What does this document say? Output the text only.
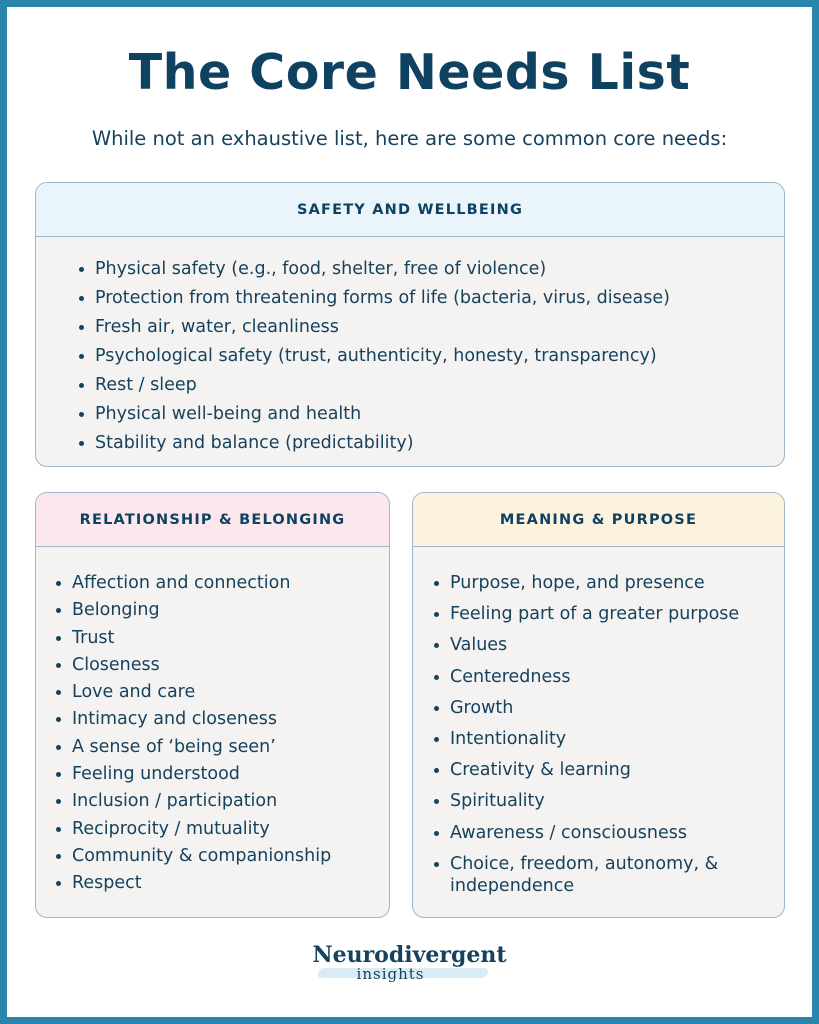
The Core Needs List

While not an exhaustive list, here are some common core needs:

SAFETY AND WELLBEING
Physical safety (e.g., food, shelter, free of violence)
Protection from threatening forms of life (bacteria, virus, disease)
Fresh air, water, cleanliness
Psychological safety (trust, authenticity, honesty, transparency)
Rest / sleep
Physical well-being and health
Stability and balance (predictability)
RELATIONSHIP & BELONGING
Affection and connection
Belonging
Trust
Closeness
Love and care
Intimacy and closeness
A sense of ‘being seen’
Feeling understood
Inclusion / participation
Reciprocity / mutuality
Community & companionship
Respect
MEANING & PURPOSE
Purpose, hope, and presence
Feeling part of a greater purpose
Values
Centeredness
Growth
Intentionality
Creativity & learning
Spirituality
Awareness / consciousness
Choice, freedom, autonomy, & independence
Neurodivergent
insights
